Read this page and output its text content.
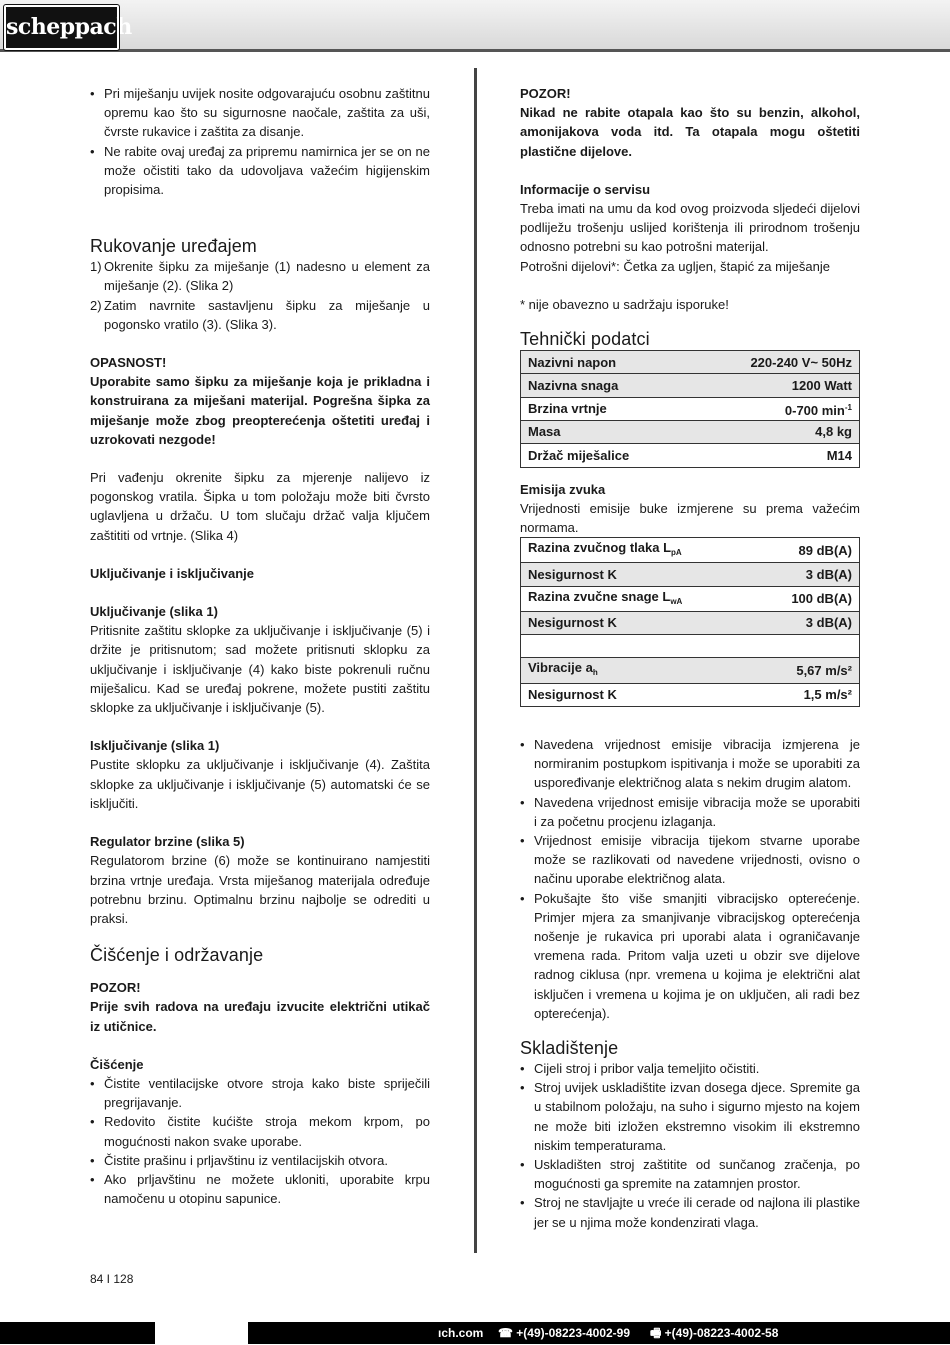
scheppach
• Pri miješanju uvijek nosite odgovarajuću osobnu zaštitnu opremu kao što su sigurnosne naočale, zaštita za uši, čvrste rukavice i zaštita za disanje.
• Ne rabite ovaj uređaj za pripremu namirnica jer se on ne može očistiti tako da udovoljava važećim higijenskim propisima.
Rukovanje uređajem
1) Okrenite šipku za miješanje (1) nadesno u element za miješanje (2). (Slika 2)
2) Zatim navrnite sastavljenu šipku za miješanje u pogonsko vratilo (3). (Slika 3).
OPASNOST!

Uporabite samo šipku za miješanje koja je prikladna i konstruirana za miješani materijal. Pogrešna šipka za miješanje može zbog preopterećenja oštetiti uređaj i uzrokovati nezgode!

Pri vađenju okrenite šipku za mjerenje nalijevo iz pogonskog vratila. Šipka u tom položaju može biti čvrsto uglavljena u držaču. U tom slučaju držač valja ključem zaštititi od vrtnje. (Slika 4)

Uključivanje i isključivanje
Uključivanje (slika 1)

Pritisnite zaštitu sklopke za uključivanje i isključivanje (5) i držite je pritisnutom; sad možete pritisnuti sklopku za uključivanje i isključivanje (4) kako biste pokrenuli ručnu miješalicu. Kad se uređaj pokrene, možete pustiti zaštitu sklopke za uključivanje i isključivanje (5).

Isključivanje (slika 1)

Pustite sklopku za uključivanje i isključivanje (4). Zaštita sklopke za uključivanje i isključivanje (5) automatski će se isključiti.

Regulator brzine (slika 5)

Regulatorom brzine (6) može se kontinuirano namjestiti brzina vrtnje uređaja. Vrsta miješanog materijala određuje potrebnu brzinu. Optimalnu brzinu najbolje se odrediti u praksi.

Čišćenje i održavanje
POZOR!

Prije svih radova na uređaju izvucite električni utikač iz utičnice.

Čišćenje
• Čistite ventilacijske otvore stroja kako biste spriječili pregrijavanje.
• Redovito čistite kućište stroja mekom krpom, po mogućnosti nakon svake uporabe.
• Čistite prašinu i prljavštinu iz ventilacijskih otvora.
• Ako prljavštinu ne možete ukloniti, uporabite krpu namočenu u otopinu sapunice.
POZOR!

Nikad ne rabite otapala kao što su benzin, alkohol, amonijakova voda itd. Ta otapala mogu oštetiti plastične dijelove.

Informacije o servisu

Treba imati na umu da kod ovog proizvoda sljedeći dijelovi podliježu trošenju uslijed korištenja ili prirodnom trošenju odnosno potrebni su kao potrošni materijal.

Potrošni dijelovi*: Četka za ugljen, štapić za miješanje

* nije obavezno u sadržaju isporuke!

Tehnički podatci
Nazivni napon	220-240 V~ 50Hz
Nazivna snaga	1200 Watt
Brzina vrtnje	0-700 $\min^{-1}$
Masa	4,8 kg
Držač miješalice	M14
Emisija zvuka

Vrijednosti emisije buke izmjerene su prema važećim normama.

Razina zvučnog tlaka $L_{pA}$	89 dB(A)
Nesigurnost K	3 dB(A)
Razina zvučne snage $L_{wA}$	100 dB(A)
Nesigurnost K	3 dB(A)

Vibracije $a_h$	5,67 m/s²
Nesigurnost K	1,5 m/s²
• Navedena vrijednost emisije vibracija izmjerena je normiranim postupkom ispitivanja i može se uporabiti za uspoređivanje električnog alata s nekim drugim alatom.
• Navedena vrijednost emisije vibracija može se uporabiti i za početnu procjenu izlaganja.
• Vrijednost emisije vibracija tijekom stvarne uporabe može se razlikovati od navedene vrijednosti, ovisno o načinu uporabe električnog alata.
• Pokušajte što više smanjiti vibracijsko opterećenje. Primjer mjera za smanjivanje vibracijskog opterećenja nošenje je rukavica pri uporabi alata i ograničavanje vremena rada. Pritom valja uzeti u obzir sve dijelove radnog ciklusa (npr. vremena u kojima je električni alat isključen i vremena u kojima je on uključen, ali radi bez opterećenja).
Skladištenje
• Cijeli stroj i pribor valja temeljito očistiti.
• Stroj uvijek uskladištite izvan dosega djece. Spremite ga u stabilnom položaju, na suho i sigurno mjesto na kojem ne može biti izložen ekstremno visokim ili ekstremno niskim temperaturama.
• Uskladišten stroj zaštitite od sunčanog zračenja, po mogućnosti ga spremite na zatamnjen prostor.
• Stroj ne stavljajte u vreće ili cerade od najlona ili plastike jer se u njima može kondenzirati vlaga.
84 I 128
ıch.com ☎ +(49)-08223-4002-99 🖷 +(49)-08223-4002-58
